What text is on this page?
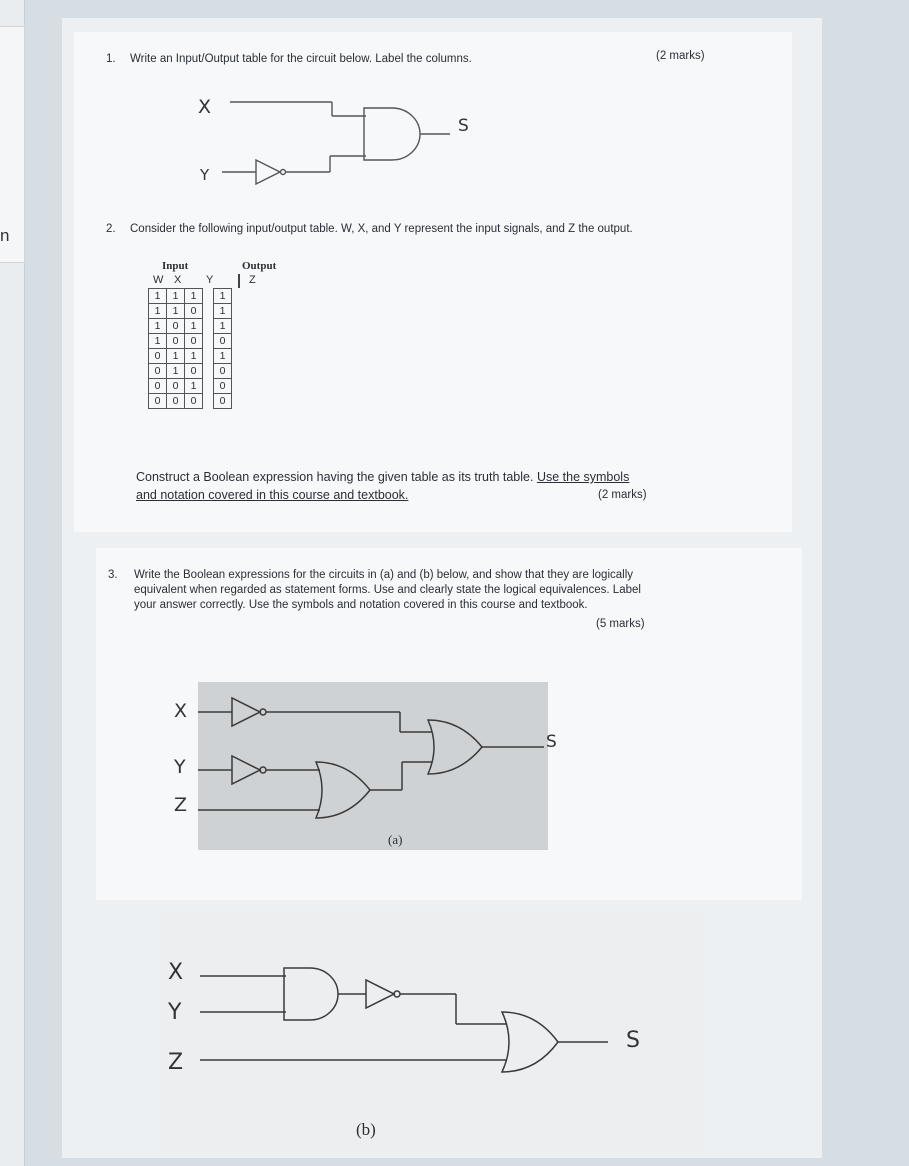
n
1. Write an Input/Output table for the circuit below. Label the columns.	(2 marks)
X
Y
S
2. Consider the following input/output table. W, X, and Y represent the input signals, and Z the output.
Input	Output
W X Y	Z
1	1	1		1
1	1	0		1
1	0	1		1
1	0	0		0
0	1	1		1
0	1	0		0
0	0	1		0
0	0	0		0
Construct a Boolean expression having the given table as its truth table. Use the symbols
and notation covered in this course and textbook.	(2 marks)
3. Write the Boolean expressions for the circuits in (a) and (b) below, and show that they are logically
equivalent when regarded as statement forms. Use and clearly state the logical equivalences. Label
your answer correctly. Use the symbols and notation covered in this course and textbook.
(5 marks)
X
Y
Z
(a)
S
X
Y
Z
(b)
S
